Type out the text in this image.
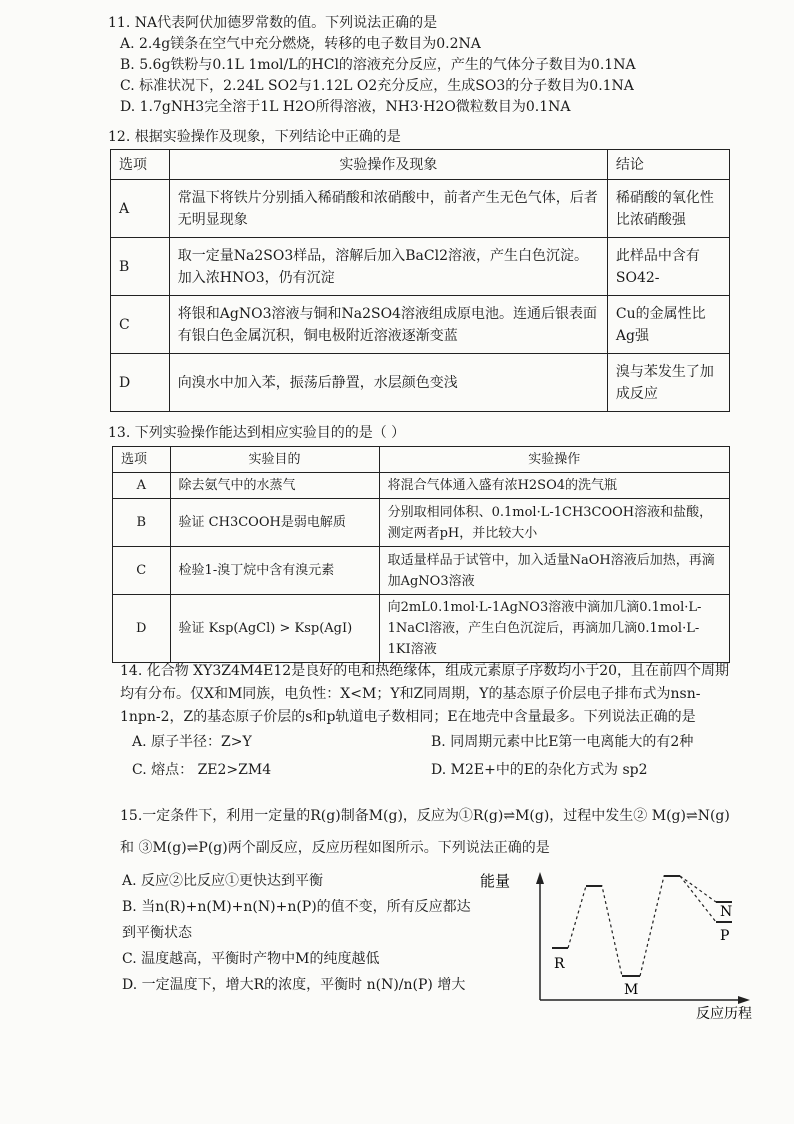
11. NA代表阿伏加德罗常数的值。下列说法正确的是
A. 2.4g镁条在空气中充分燃烧，转移的电子数目为0.2NA
B. 5.6g铁粉与0.1L 1mol/L的HCl的溶液充分反应，产生的气体分子数目为0.1NA
C. 标准状况下，2.24L SO2与1.12L O2充分反应，生成SO3的分子数目为0.1NA
D. 1.7gNH3完全溶于1L H2O所得溶液，NH3·H2O微粒数目为0.1NA
12. 根据实验操作及现象，下列结论中正确的是
选项	实验操作及现象	结论
A	常温下将铁片分别插入稀硝酸和浓硝酸中，前者产生无色气体，后者无明显现象	稀硝酸的氧化性比浓硝酸强
B	取一定量Na2SO3样品，溶解后加入BaCl2溶液，产生白色沉淀。加入浓HNO3，仍有沉淀	此样品中含有SO42-
C	将银和AgNO3溶液与铜和Na2SO4溶液组成原电池。连通后银表面有银白色金属沉积，铜电极附近溶液逐渐变蓝	Cu的金属性比Ag强
D	向溴水中加入苯，振荡后静置，水层颜色变浅	溴与苯发生了加成反应
13. 下列实验操作能达到相应实验目的的是（ ）
选项	实验目的	实验操作
A	除去氨气中的水蒸气	将混合气体通入盛有浓H2SO4的洗气瓶
B	验证 CH3COOH是弱电解质	分别取相同体积、0.1mol·L-1CH3COOH溶液和盐酸，测定两者pH，并比较大小
C	检验1-溴丁烷中含有溴元素	取适量样品于试管中，加入适量NaOH溶液后加热，再滴加AgNO3溶液
D	验证 Ksp(AgCl) > Ksp(AgI)	向2mL0.1mol·L-1AgNO3溶液中滴加几滴0.1mol·L-1NaCl溶液，产生白色沉淀后，再滴加几滴0.1mol·L-1KI溶液
14. 化合物 XY3Z4M4E12是良好的电和热绝缘体，组成元素原子序数均小于20，且在前四个周期均有分布。仅X和M同族，电负性：X<M；Y和Z同周期，Y的基态原子价层电子排布式为nsn-1npn-2，Z的基态原子价层的s和p轨道电子数相同；E在地壳中含量最多。下列说法正确的是
A. 原子半径：Z>Y	B. 同周期元素中比E第一电离能大的有2种
C. 熔点： ZE2>ZM4	D. M2E+中的E的杂化方式为 sp2
15.一定条件下，利用一定量的R(g)制备M(g)，反应为①R(g)⇌M(g)，过程中发生② M(g)⇌N(g)和 ③M(g)⇌P(g)两个副反应，反应历程如图所示。下列说法正确的是
A. 反应②比反应①更快达到平衡
B. 当n(R)+n(M)+n(N)+n(P)的值不变，所有反应都达到平衡状态
C. 温度越高，平衡时产物中M的纯度越低
D. 一定温度下，增大R的浓度，平衡时 n(N)/n(P) 增大
能量
反应历程
R
M
N
P
